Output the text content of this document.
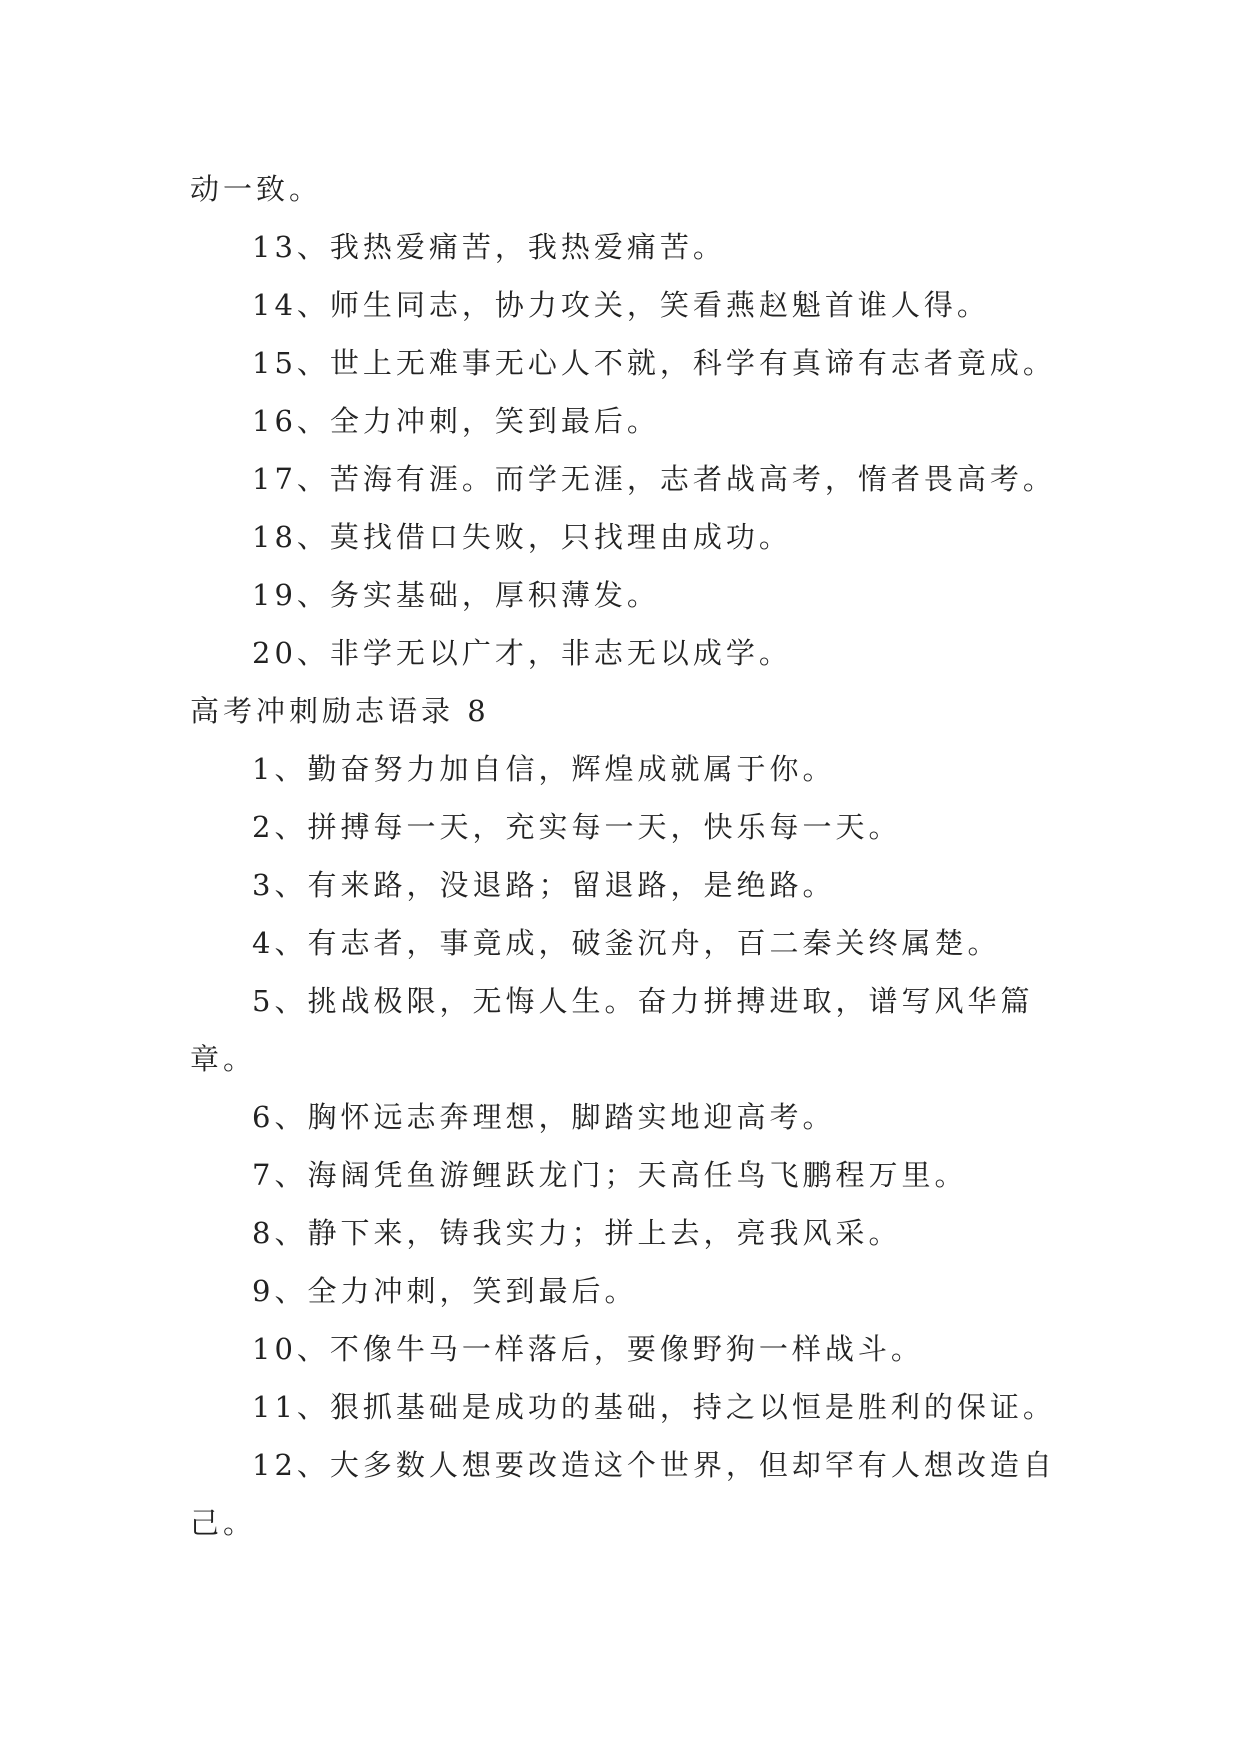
动一致。

13、我热爱痛苦，我热爱痛苦。

14、师生同志，协力攻关，笑看燕赵魁首谁人得。

15、世上无难事无心人不就，科学有真谛有志者竟成。

16、全力冲刺，笑到最后。

17、苦海有涯。而学无涯，志者战高考，惰者畏高考。

18、莫找借口失败，只找理由成功。

19、务实基础，厚积薄发。

20、非学无以广才，非志无以成学。

高考冲刺励志语录 8

1、勤奋努力加自信，辉煌成就属于你。

2、拼搏每一天，充实每一天，快乐每一天。

3、有来路，没退路；留退路，是绝路。

4、有志者，事竟成，破釜沉舟，百二秦关终属楚。

5、挑战极限，无悔人生。奋力拼搏进取，谱写风华篇

章。

6、胸怀远志奔理想，脚踏实地迎高考。

7、海阔凭鱼游鲤跃龙门；天高任鸟飞鹏程万里。

8、静下来，铸我实力；拼上去，亮我风采。

9、全力冲刺，笑到最后。

10、不像牛马一样落后，要像野狗一样战斗。

11、狠抓基础是成功的基础，持之以恒是胜利的保证。

12、大多数人想要改造这个世界，但却罕有人想改造自

己。
